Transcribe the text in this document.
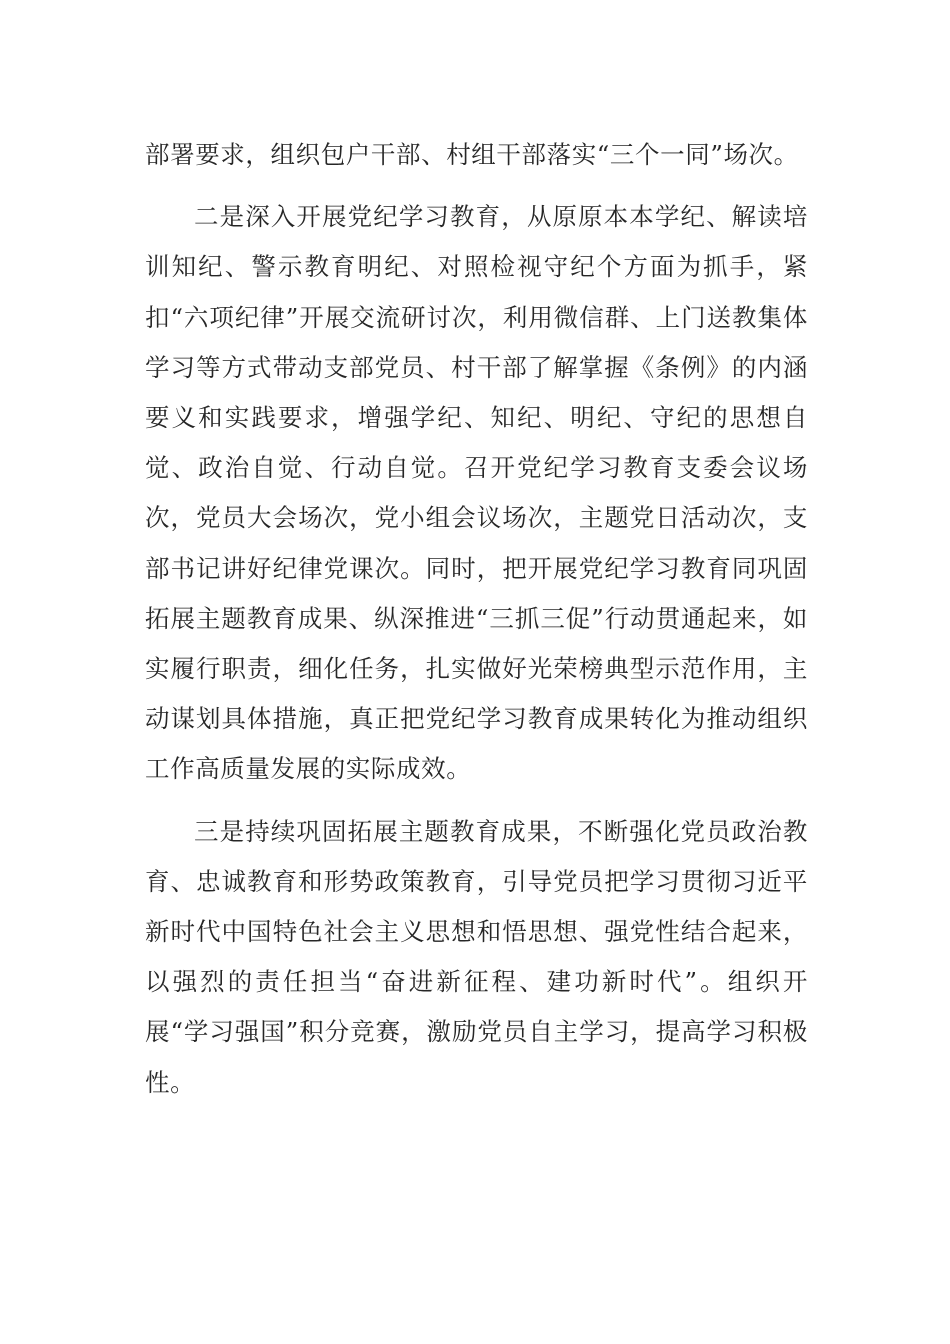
部署要求，组织包户干部、村组干部落实“三个一同”场次。

二是深入开展党纪学习教育，从原原本本学纪、解读培训知纪、警示教育明纪、对照检视守纪个方面为抓手，紧扣“六项纪律”开展交流研讨次，利用微信群、上门送教集体学习等方式带动支部党员、村干部了解掌握《条例》的内涵要义和实践要求，增强学纪、知纪、明纪、守纪的思想自觉、政治自觉、行动自觉。召开党纪学习教育支委会议场次，党员大会场次，党小组会议场次，主题党日活动次，支部书记讲好纪律党课次。同时，把开展党纪学习教育同巩固拓展主题教育成果、纵深推进“三抓三促”行动贯通起来，如实履行职责，细化任务，扎实做好光荣榜典型示范作用，主动谋划具体措施，真正把党纪学习教育成果转化为推动组织工作高质量发展的实际成效。

三是持续巩固拓展主题教育成果，不断强化党员政治教育、忠诚教育和形势政策教育，引导党员把学习贯彻习近平新时代中国特色社会主义思想和悟思想、强党性结合起来，以强烈的责任担当“奋进新征程、建功新时代”。组织开展“学习强国”积分竞赛，激励党员自主学习，提高学习积极性。
